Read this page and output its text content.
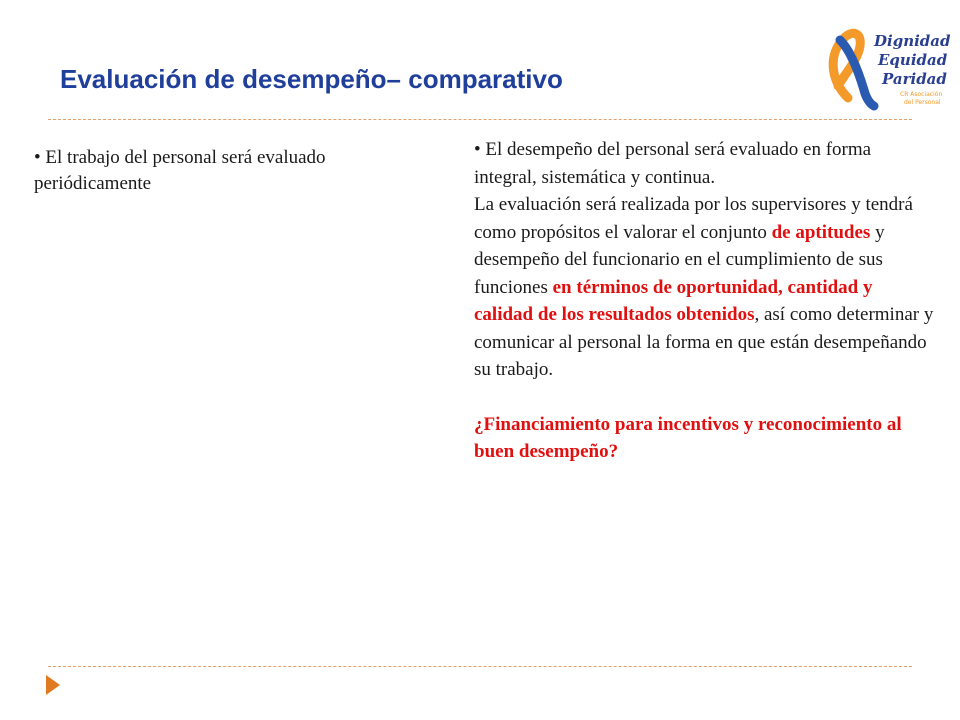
Evaluación de desempeño– comparativo
Dignidad
Equidad
Paridad
CR Asociación
del Personal
• El trabajo del personal será evaluado periódicamente
• El desempeño del personal será evaluado en forma integral, sistemática y continua.
La evaluación será realizada por los supervisores y tendrá como propósitos el valorar el conjunto de aptitudes y desempeño del funcionario en el cumplimiento de sus funciones en términos de oportunidad, cantidad y calidad de los resultados obtenidos, así como determinar y comunicar al personal la forma en que están desempeñando su trabajo.
¿Financiamiento para incentivos y reconocimiento al buen desempeño?
